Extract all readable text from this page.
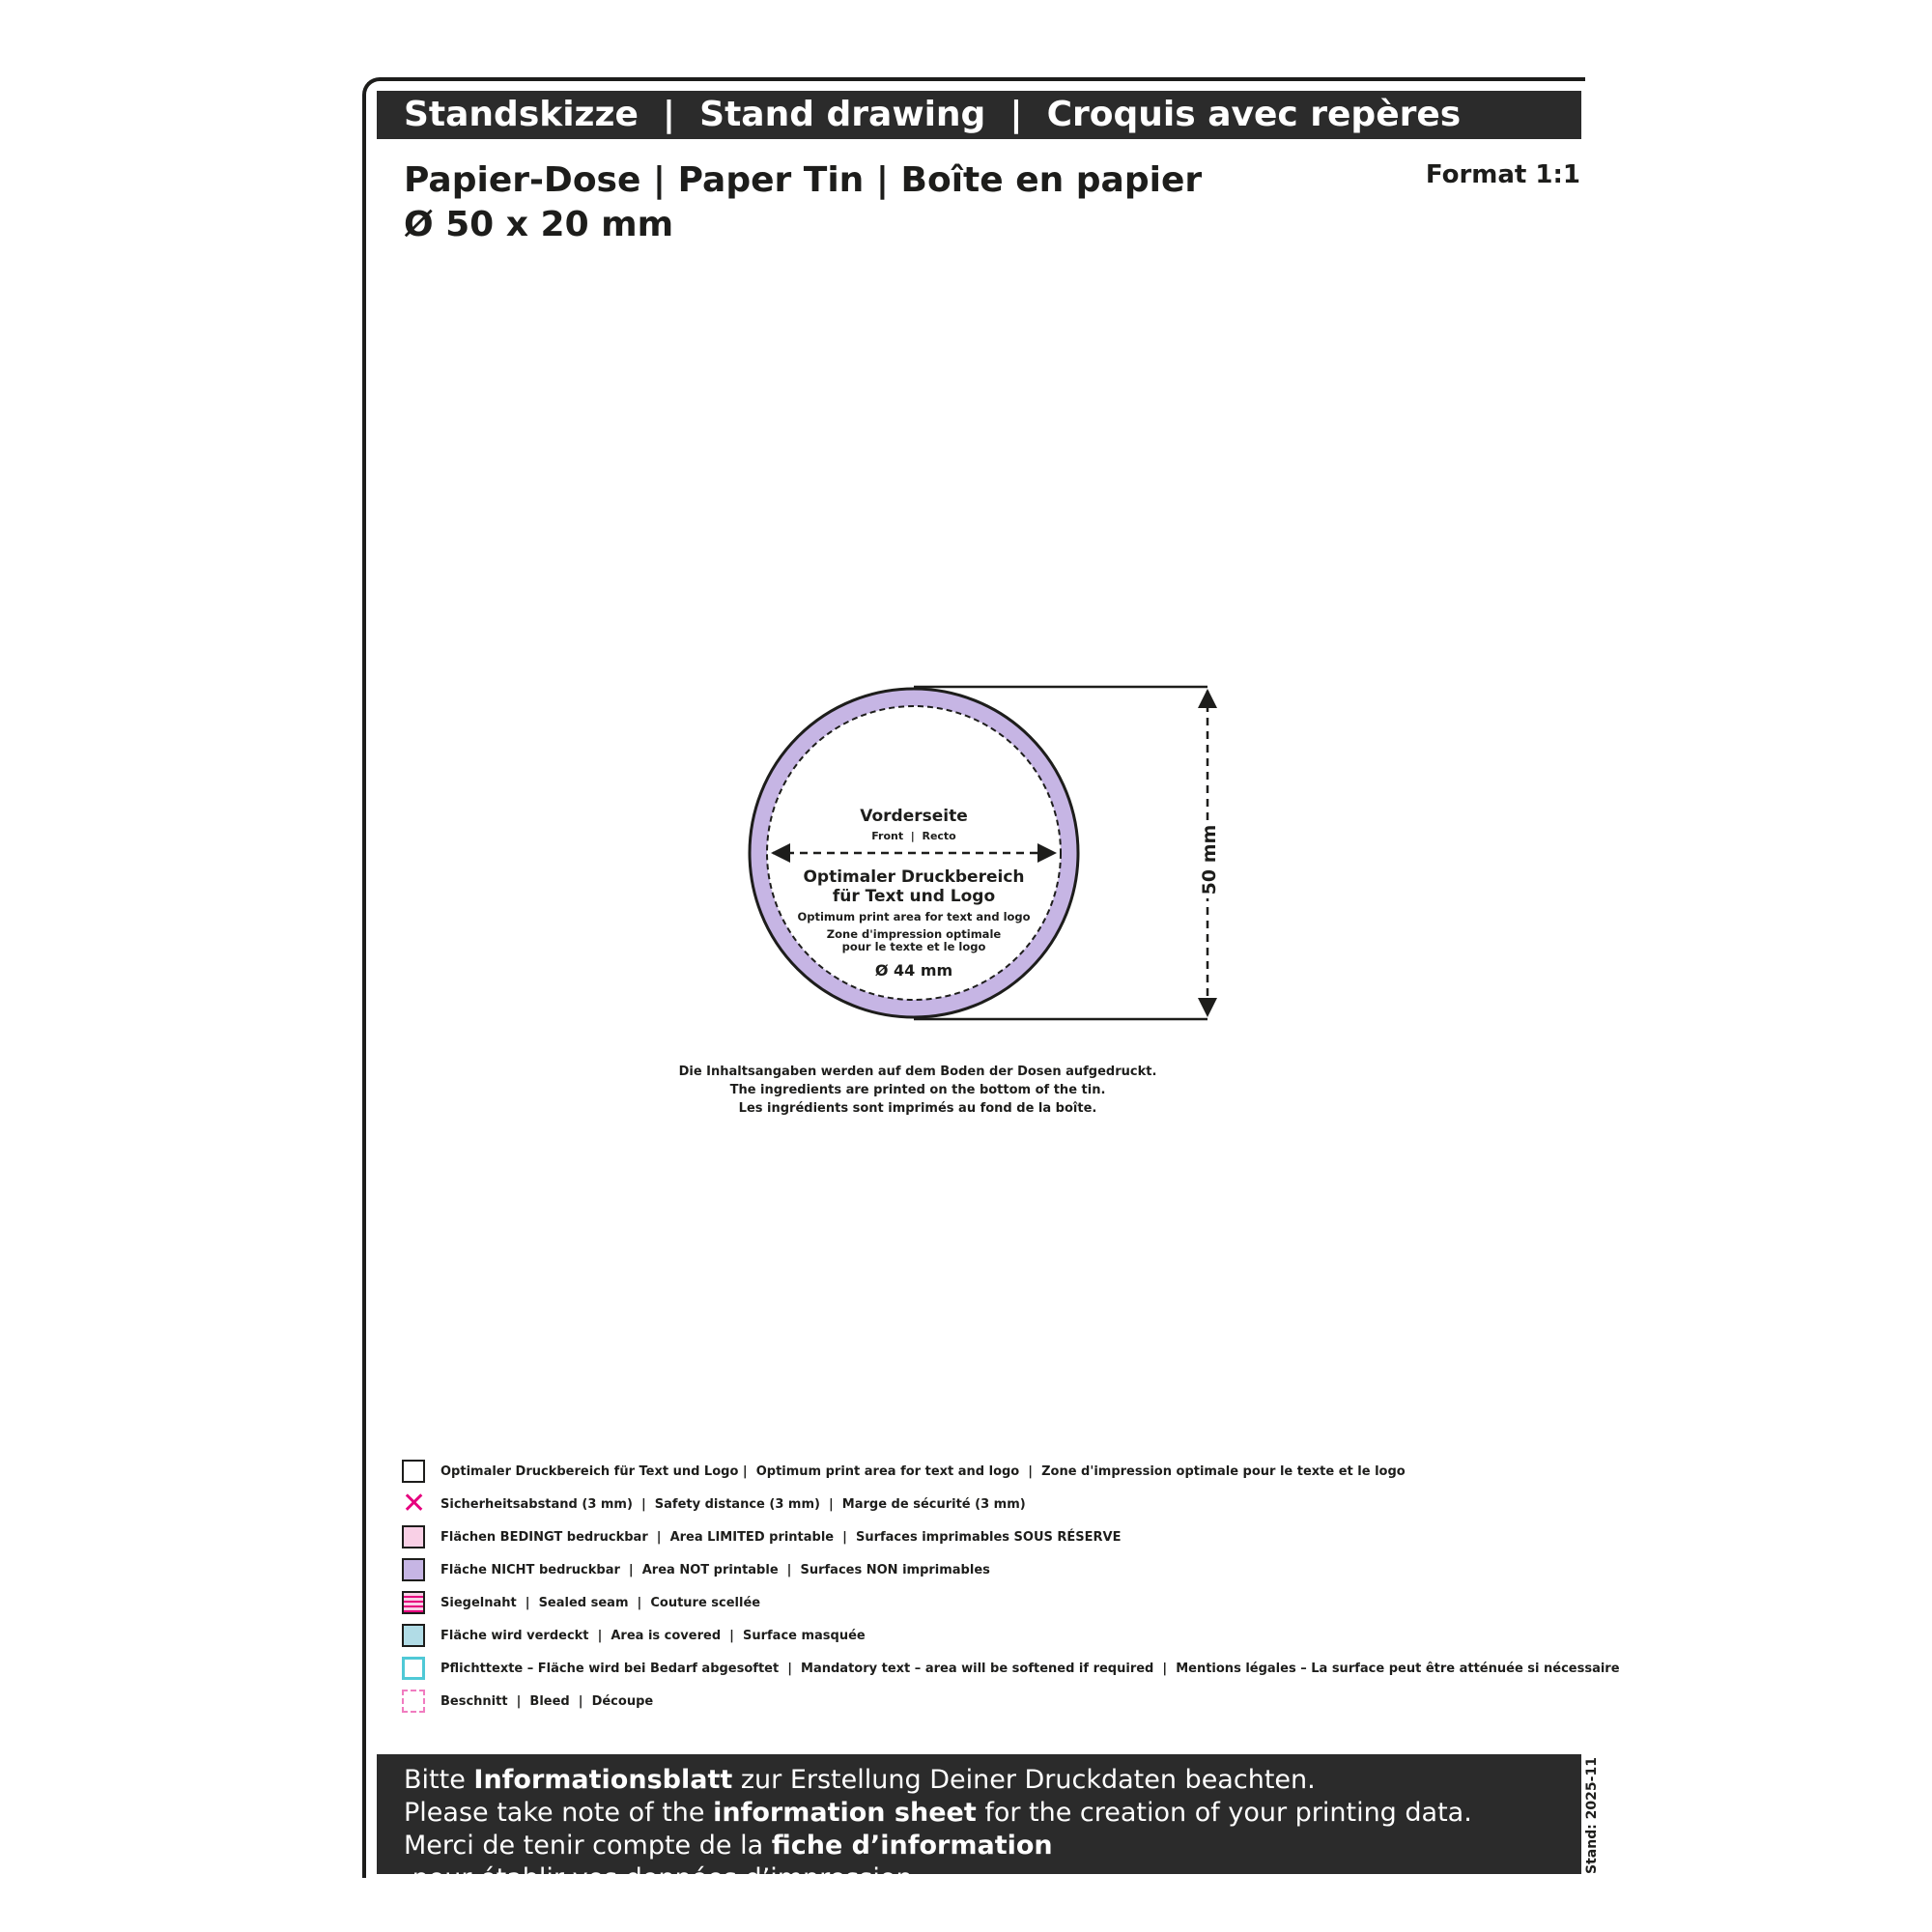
Standskizze  |  Stand drawing  |  Croquis avec repères
Papier-Dose | Paper Tin | Boîte en papier
Ø 50 x 20 mm
Format 1:1
50 mm
Vorderseite
Front  |  Recto
Optimaler Druckbereich
für Text und Logo
Optimum print area for text and logo
Zone d'impression optimale
pour le texte et le logo
Ø 44 mm
Die Inhaltsangaben werden auf dem Boden der Dosen aufgedruckt.
The ingredients are printed on the bottom of the tin.
Les ingrédients sont imprimés au fond de la boîte.
Optimaler Druckbereich für Text und Logo |  Optimum print area for text and logo  |  Zone d'impression optimale pour le texte et le logo
✕ Sicherheitsabstand (3 mm)  |  Safety distance (3 mm)  |  Marge de sécurité (3 mm)
Flächen BEDINGT bedruckbar  |  Area LIMITED printable  |  Surfaces imprimables SOUS RÉSERVE
Fläche NICHT bedruckbar  |  Area NOT printable  |  Surfaces NON imprimables
Siegelnaht  |  Sealed seam  |  Couture scellée
Fläche wird verdeckt  |  Area is covered  |  Surface masquée
Pflichttexte – Fläche wird bei Bedarf abgesoftet  |  Mandatory text – area will be softened if required  |  Mentions légales – La surface peut être atténuée si nécessaire
Beschnitt  |  Bleed  |  Découpe
Bitte Informationsblatt zur Erstellung Deiner Druckdaten beachten.
Please take note of the information sheet for the creation of your printing data.
Merci de tenir compte de la fiche d’information pour établir vos données d’impression.
Stand: 2025-11
